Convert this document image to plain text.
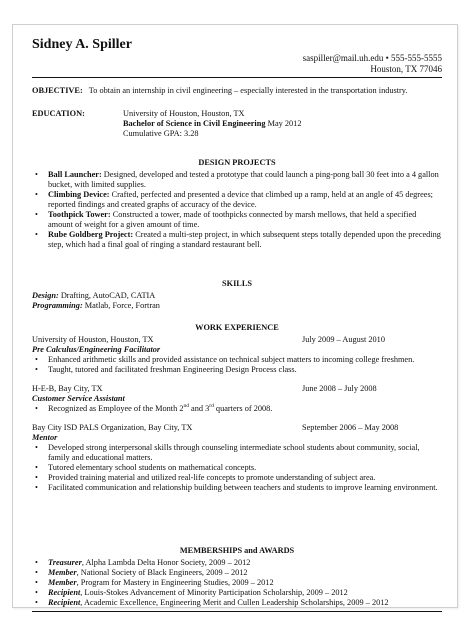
Sidney A. Spiller
saspiller@mail.uh.edu • 555-555-5555
Houston, TX 77046
OBJECTIVE: To obtain an internship in civil engineering – especially interested in the transportation industry.
EDUCATION:	University of Houston, Houston, TX
Bachelor of Science in Civil Engineering May 2012
Cumulative GPA: 3.28
DESIGN PROJECTS
• Ball Launcher: Designed, developed and tested a prototype that could launch a ping-pong ball 30 feet into a 4 gallon bucket, with limited supplies.
• Climbing Device: Crafted, perfected and presented a device that climbed up a ramp, held at an angle of 45 degrees; reported findings and created graphs of accuracy of the device.
• Toothpick Tower: Constructed a tower, made of toothpicks connected by marsh mellows, that held a specified amount of weight for a given amount of time.
• Rube Goldberg Project: Created a multi-step project, in which subsequent steps totally depended upon the preceding step, which had a final goal of ringing a standard restaurant bell.
SKILLS
Design: Drafting, AutoCAD, CATIA
Programming: Matlab, Force, Fortran
WORK EXPERIENCE
University of Houston, Houston, TX	July 2009 – August 2010
Pre Calculus/Engineering Facilitator
• Enhanced arithmetic skills and provided assistance on technical subject matters to incoming college freshmen.
• Taught, tutored and facilitated freshman Engineering Design Process class.
H-E-B, Bay City, TX	June 2008 – July 2008
Customer Service Assistant
• Recognized as Employee of the Month 2nd and 3rd quarters of 2008.
Bay City ISD PALS Organization, Bay City, TX	September 2006 – May 2008
Mentor
• Developed strong interpersonal skills through counseling intermediate school students about community, social, family and educational matters.
• Tutored elementary school students on mathematical concepts.
• Provided training material and utilized real-life concepts to promote understanding of subject area.
• Facilitated communication and relationship building between teachers and students to improve learning environment.
MEMBERSHIPS and AWARDS
• Treasurer, Alpha Lambda Delta Honor Society, 2009 – 2012
• Member, National Society of Black Engineers, 2009 – 2012
• Member, Program for Mastery in Engineering Studies, 2009 – 2012
• Recipient, Louis-Stokes Advancement of Minority Participation Scholarship, 2009 – 2012
• Recipient, Academic Excellence, Engineering Merit and Cullen Leadership Scholarships, 2009 – 2012
